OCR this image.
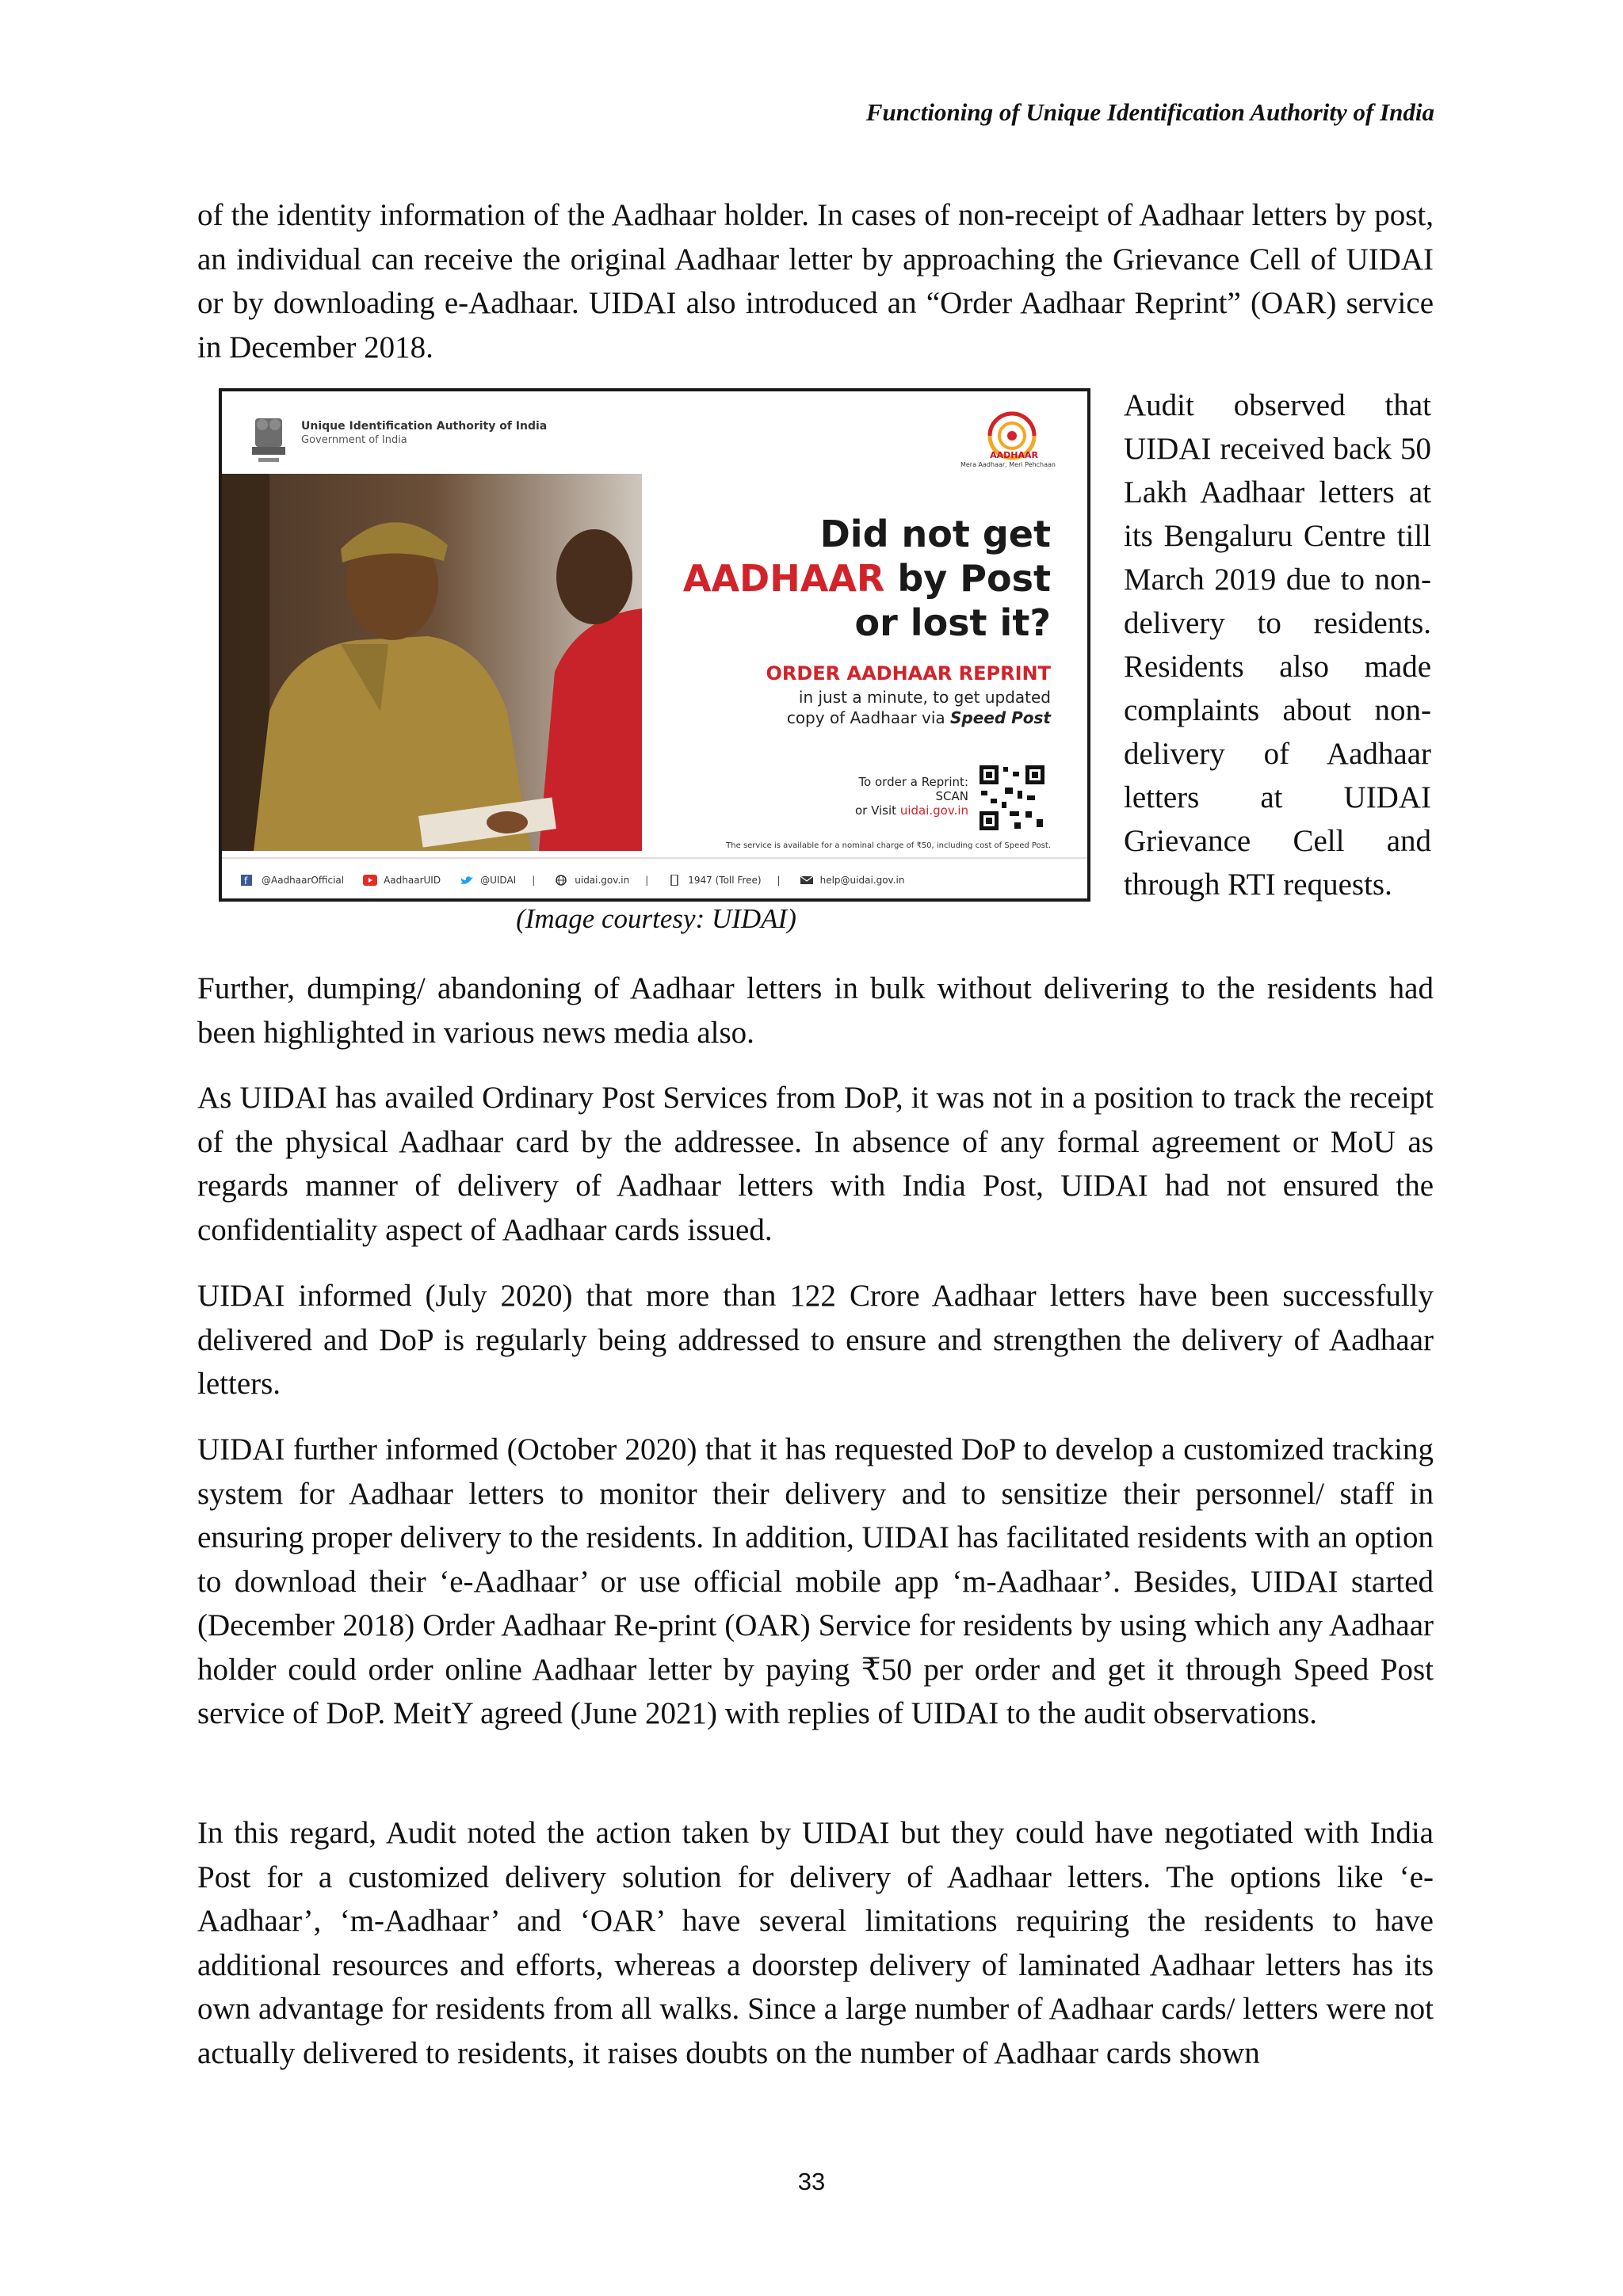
Functioning of Unique Identification Authority of India

of the identity information of the Aadhaar holder. In cases of non-receipt of Aadhaar letters by post, an individual can receive the original Aadhaar letter by approaching the Grievance Cell of UIDAI or by downloading e-Aadhaar. UIDAI also introduced an “Order Aadhaar Reprint” (OAR) service in December 2018.

Unique Identification Authority of India
Government of India
AADHAAR
Mera Aadhaar, Meri Pehchaan
Did not get
AADHAAR by Post
or lost it?
ORDER AADHAAR REPRINT
in just a minute, to get updated
copy of Aadhaar via Speed Post
To order a Reprint:
SCAN
or Visit uidai.gov.in
The service is available for a nominal charge of ₹50, including cost of Speed Post.
f @AadhaarOfficial	AadhaarUID	@UIDAI |	uidai.gov.in |	1947 (Toll Free) |	help@uidai.gov.in
(Image courtesy: UIDAI)

Audit observed that UIDAI received back 50 Lakh Aadhaar letters at its Bengaluru Centre till March 2019 due to non-delivery to residents. Residents also made complaints about non-delivery of Aadhaar letters at UIDAI Grievance Cell and through RTI requests.

Further, dumping/ abandoning of Aadhaar letters in bulk without delivering to the residents had been highlighted in various news media also.

As UIDAI has availed Ordinary Post Services from DoP, it was not in a position to track the receipt of the physical Aadhaar card by the addressee. In absence of any formal agreement or MoU as regards manner of delivery of Aadhaar letters with India Post, UIDAI had not ensured the confidentiality aspect of Aadhaar cards issued.

UIDAI informed (July 2020) that more than 122 Crore Aadhaar letters have been successfully delivered and DoP is regularly being addressed to ensure and strengthen the delivery of Aadhaar letters.

UIDAI further informed (October 2020) that it has requested DoP to develop a customized tracking system for Aadhaar letters to monitor their delivery and to sensitize their personnel/ staff in ensuring proper delivery to the residents. In addition, UIDAI has facilitated residents with an option to download their ‘e-Aadhaar’ or use official mobile app ‘m-Aadhaar’. Besides, UIDAI started (December 2018) Order Aadhaar Re-print (OAR) Service for residents by using which any Aadhaar holder could order online Aadhaar letter by paying ₹50 per order and get it through Speed Post service of DoP. MeitY agreed (June 2021) with replies of UIDAI to the audit observations.

In this regard, Audit noted the action taken by UIDAI but they could have negotiated with India Post for a customized delivery solution for delivery of Aadhaar letters. The options like ‘e-Aadhaar’, ‘m-Aadhaar’ and ‘OAR’ have several limitations requiring the residents to have additional resources and efforts, whereas a doorstep delivery of laminated Aadhaar letters has its own advantage for residents from all walks. Since a large number of Aadhaar cards/ letters were not actually delivered to residents, it raises doubts on the number of Aadhaar cards shown

33
